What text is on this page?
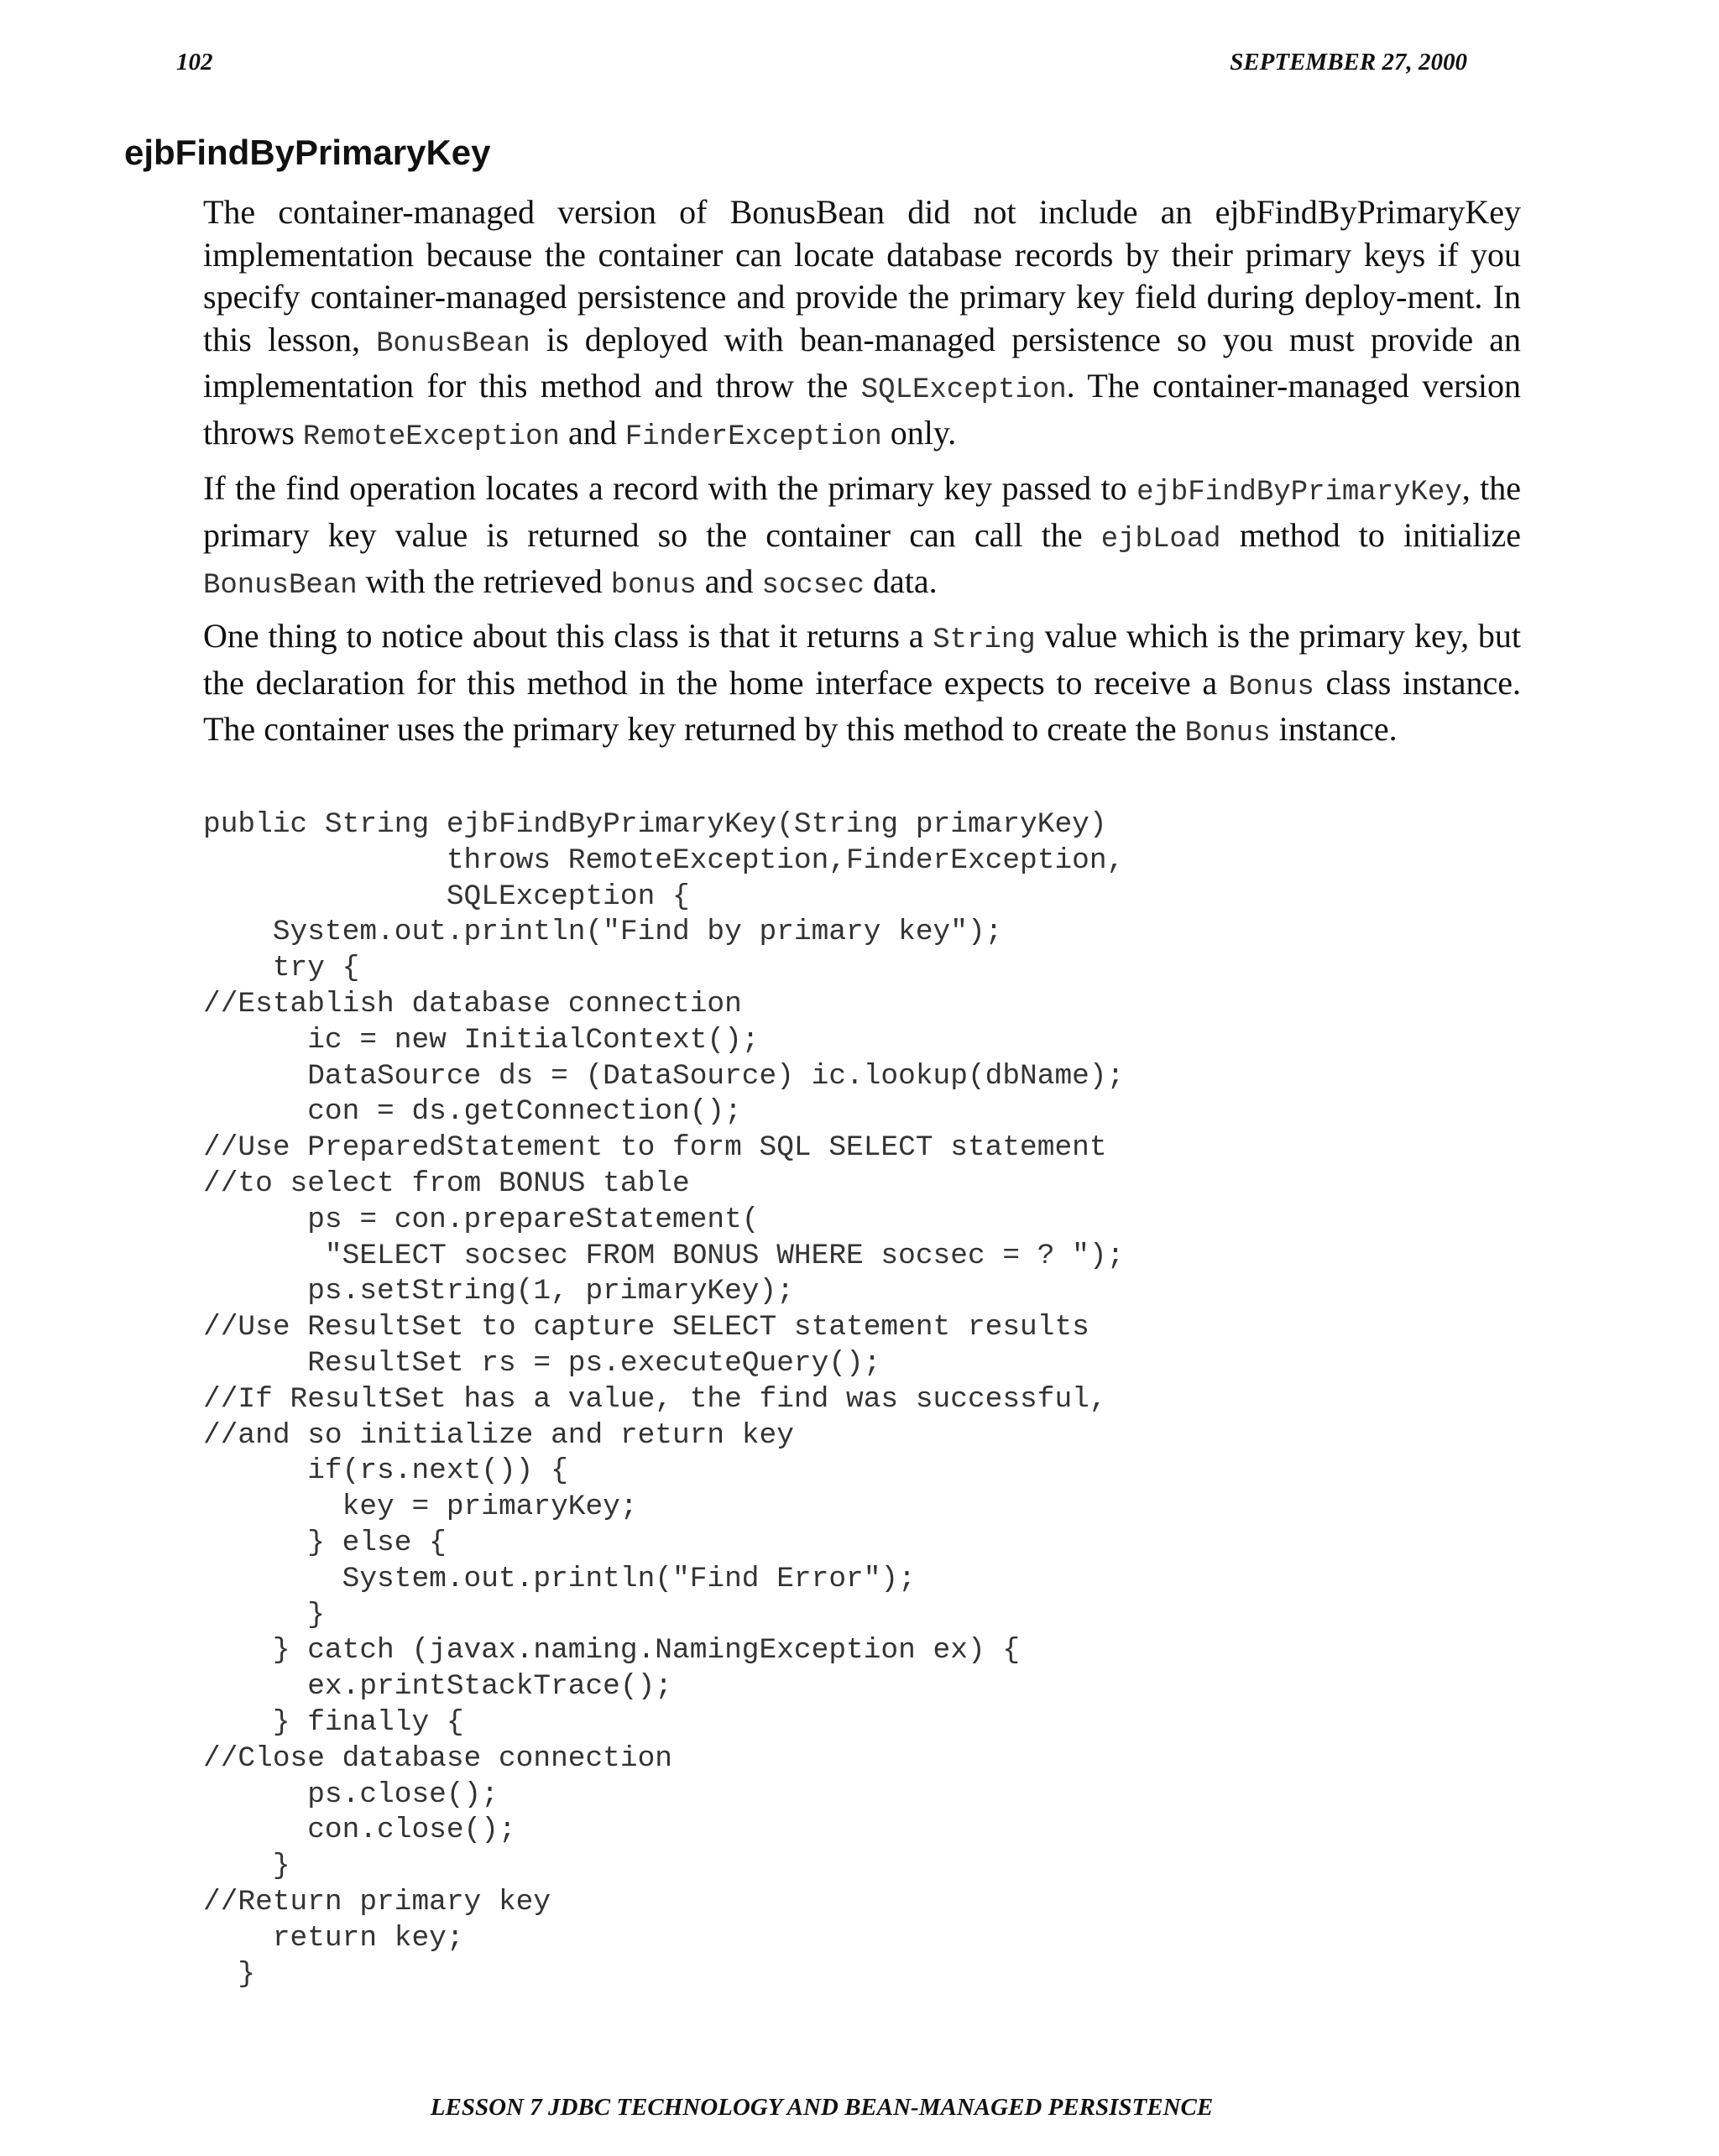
102	SEPTEMBER 27, 2000
ejbFindByPrimaryKey
The container-managed version of BonusBean did not include an ejbFindByPrimaryKey implementation because the container can locate database records by their primary keys if you specify container-managed persistence and provide the primary key field during deploy-ment. In this lesson, BonusBean is deployed with bean-managed persistence so you must provide an implementation for this method and throw the SQLException. The container-managed version throws RemoteException and FinderException only.
If the find operation locates a record with the primary key passed to ejbFindByPrimaryKey, the primary key value is returned so the container can call the ejbLoad method to initialize BonusBean with the retrieved bonus and socsec data.
One thing to notice about this class is that it returns a String value which is the primary key, but the declaration for this method in the home interface expects to receive a Bonus class instance. The container uses the primary key returned by this method to create the Bonus instance.
public String ejbFindByPrimaryKey(String primaryKey)
throws RemoteException,FinderException,
SQLException {
System.out.println("Find by primary key");
try {
//Establish database connection
ic = new InitialContext();
DataSource ds = (DataSource) ic.lookup(dbName);
con = ds.getConnection();
//Use PreparedStatement to form SQL SELECT statement
//to select from BONUS table
ps = con.prepareStatement(
"SELECT socsec FROM BONUS WHERE socsec = ? ");
ps.setString(1, primaryKey);
//Use ResultSet to capture SELECT statement results
ResultSet rs = ps.executeQuery();
//If ResultSet has a value, the find was successful,
//and so initialize and return key
if(rs.next()) {
key = primaryKey;
} else {
System.out.println("Find Error");
}
} catch (javax.naming.NamingException ex) {
ex.printStackTrace();
} finally {
//Close database connection
ps.close();
con.close();
}
//Return primary key
return key;
}
LESSON 7 JDBC TECHNOLOGY AND BEAN-MANAGED PERSISTENCE
